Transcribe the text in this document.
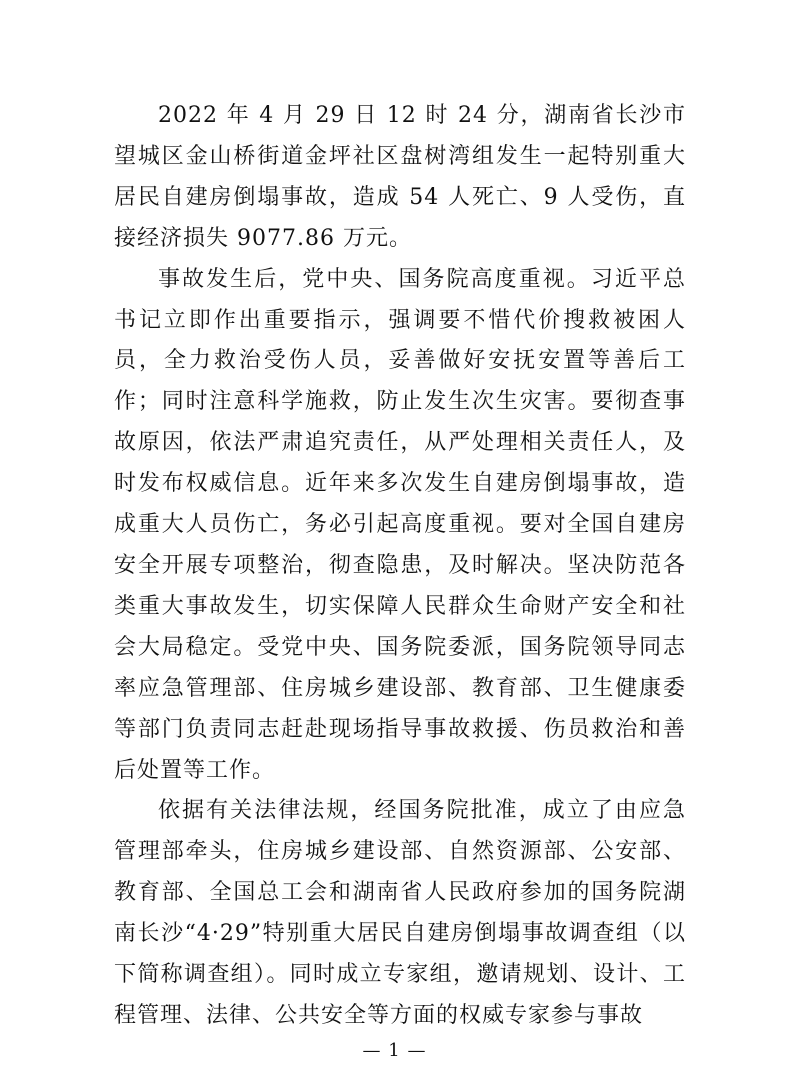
2022 年 4 月 29 日 12 时 24 分，湖南省长沙市望城区金山桥街道金坪社区盘树湾组发生一起特别重大居民自建房倒塌事故，造成 54 人死亡、9 人受伤，直接经济损失 9077.86 万元。

事故发生后，党中央、国务院高度重视。习近平总书记立即作出重要指示，强调要不惜代价搜救被困人员，全力救治受伤人员，妥善做好安抚安置等善后工作；同时注意科学施救，防止发生次生灾害。要彻查事故原因，依法严肃追究责任，从严处理相关责任人，及时发布权威信息。近年来多次发生自建房倒塌事故，造成重大人员伤亡，务必引起高度重视。要对全国自建房安全开展专项整治，彻查隐患，及时解决。坚决防范各类重大事故发生，切实保障人民群众生命财产安全和社会大局稳定。受党中央、国务院委派，国务院领导同志率应急管理部、住房城乡建设部、教育部、卫生健康委等部门负责同志赶赴现场指导事故救援、伤员救治和善后处置等工作。

依据有关法律法规，经国务院批准，成立了由应急管理部牵头，住房城乡建设部、自然资源部、公安部、教育部、全国总工会和湖南省人民政府参加的国务院湖南长沙“4·29”特别重大居民自建房倒塌事故调查组（以下简称调查组）。同时成立专家组，邀请规划、设计、工程管理、法律、公共安全等方面的权威专家参与事故

— 1 —
